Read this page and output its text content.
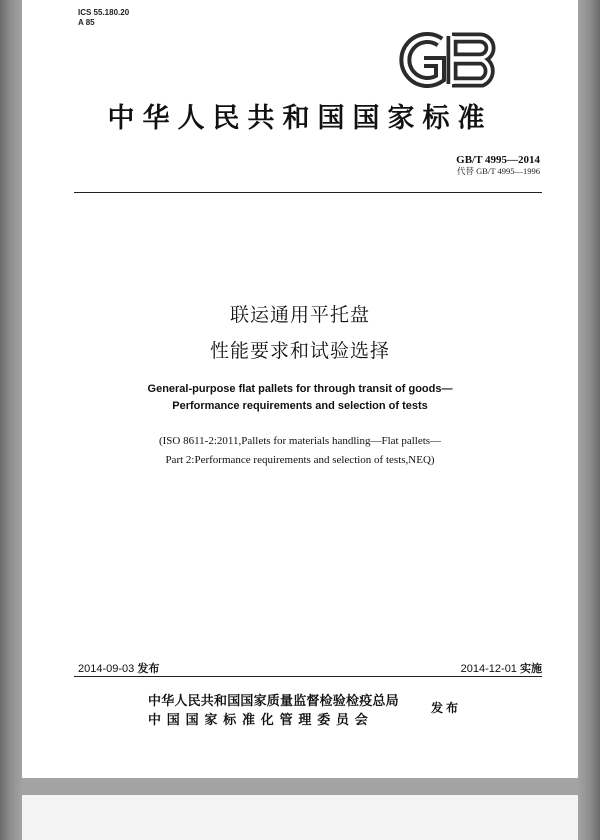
ICS 55.180.20
A 85
中华人民共和国国家标准
GB/T 4995—2014
代替 GB/T 4995—1996
联运通用平托盘
性能要求和试验选择
General-purpose flat pallets for through transit of goods—
Performance requirements and selection of tests
(ISO 8611-2:2011,Pallets for materials handling—Flat pallets—
Part 2:Performance requirements and selection of tests,NEQ)
2014-09-03 发布	2014-12-01 实施
中华人民共和国国家质量监督检验检疫总局
中国国家标准化管理委员会
发布
